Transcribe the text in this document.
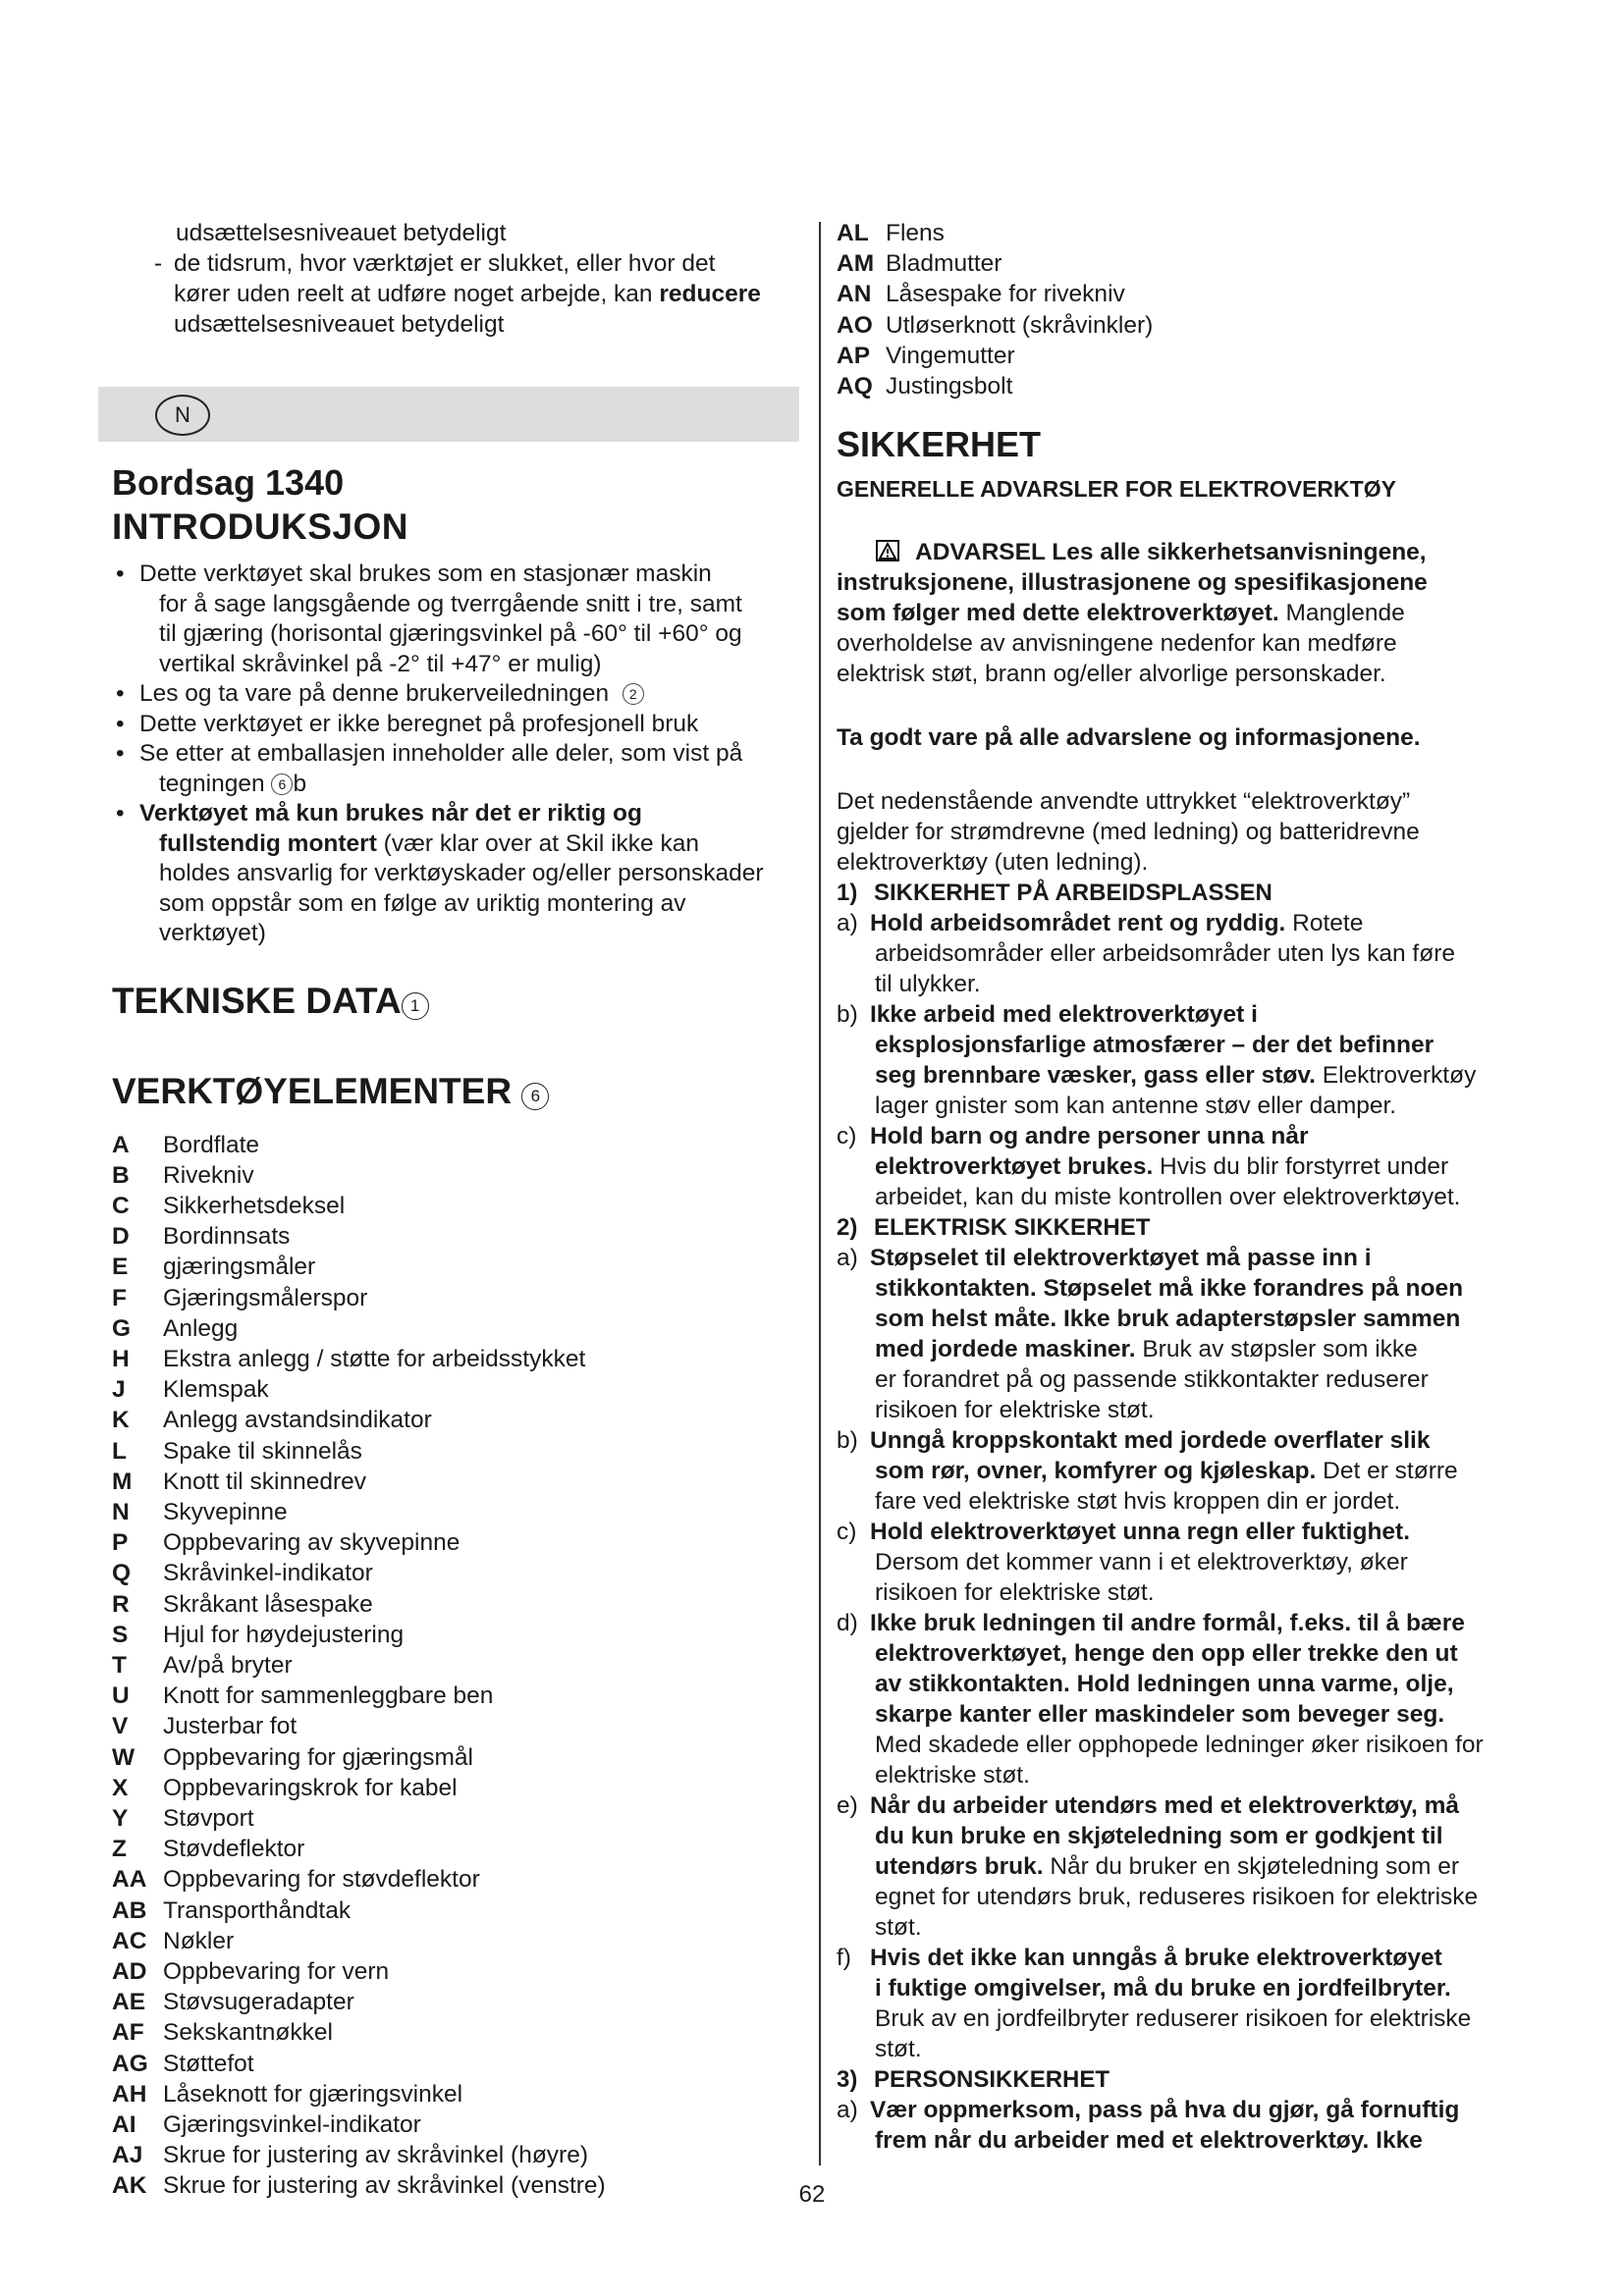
udsættelsesniveauet betydeligt

- de tidsrum, hvor værktøjet er slukket, eller hvor det
kører uden reelt at udføre noget arbejde, kan reducere
udsættelsesniveauet betydeligt
N
Bordsag 1340
INTRODUKSJON
• Dette verktøyet skal brukes som en stasjonær maskin

for å sage langsgående og tverrgående snitt i tre, samt
til gjæring (horisontal gjæringsvinkel på -60° til +60° og
vertikal skråvinkel på -2° til +47° er mulig)
• Les og ta vare på denne brukerveiledningen 2
• Dette verktøyet er ikke beregnet på profesjonell bruk
• Se etter at emballasjen inneholder alle deler, som vist på

tegningen 6 b
• Verktøyet må kun brukes når det er riktig og

fullstendig montert (vær klar over at Skil ikke kan
holdes ansvarlig for verktøyskader og/eller personskader
som oppstår som en følge av uriktig montering av
verktøyet)
TEKNISKE DATA 1
VERKTØYELEMENTER 6
A	Bordflate
B	Rivekniv
C	Sikkerhetsdeksel
D	Bordinnsats
E	gjæringsmåler
F	Gjæringsmålerspor
G	Anlegg
H	Ekstra anlegg / støtte for arbeidsstykket
J	Klemspak
K	Anlegg avstandsindikator
L	Spake til skinnelås
M	Knott til skinnedrev
N	Skyvepinne
P	Oppbevaring av skyvepinne
Q	Skråvinkel-indikator
R	Skråkant låsespake
S	Hjul for høydejustering
T	Av/på bryter
U	Knott for sammenleggbare ben
V	Justerbar fot
W	Oppbevaring for gjæringsmål
X	Oppbevaringskrok for kabel
Y	Støvport
Z	Støvdeflektor
AA Oppbevaring for støvdeflektor
AB Transporthåndtak
AC Nøkler
AD Oppbevaring for vern
AE Støvsugeradapter
AF Sekskantnøkkel
AG Støttefot
AH Låseknott for gjæringsvinkel
AI	Gjæringsvinkel-indikator
AJ Skrue for justering av skråvinkel (høyre)
AK Skrue for justering av skråvinkel (venstre)
AL Flens
AM Bladmutter
AN Låsespake for rivekniv
AO Utløserknott (skråvinkler)
AP Vingemutter
AQ Justingsbolt
SIKKERHET
GENERELLE ADVARSLER FOR ELEKTROVERKTØY
ADVARSEL Les alle sikkerhetsanvisningene,
instruksjonene, illustrasjonene og spesifikasjonene
som følger med dette elektroverktøyet. Manglende
overholdelse av anvisningene nedenfor kan medføre
elektrisk støt, brann og/eller alvorlige personskader.

Ta godt vare på alle advarslene og informasjonene.

Det nedenstående anvendte uttrykket “elektroverktøy”
gjelder for strømdrevne (med ledning) og batteridrevne
elektroverktøy (uten ledning).
1) SIKKERHET PÅ ARBEIDSPLASSEN
a) Hold arbeidsområdet rent og ryddig. Rotete
arbeidsområder eller arbeidsområder uten lys kan føre
til ulykker.
b) Ikke arbeid med elektroverktøyet i
eksplosjonsfarlige atmosfærer – der det befinner
seg brennbare væsker, gass eller støv. Elektroverktøy
lager gnister som kan antenne støv eller damper.
c) Hold barn og andre personer unna når
elektroverktøyet brukes. Hvis du blir forstyrret under
arbeidet, kan du miste kontrollen over elektroverktøyet.
2) ELEKTRISK SIKKERHET
a) Støpselet til elektroverktøyet må passe inn i
stikkontakten. Støpselet må ikke forandres på noen
som helst måte. Ikke bruk adapterstøpsler sammen
med jordede maskiner. Bruk av støpsler som ikke
er forandret på og passende stikkontakter reduserer
risikoen for elektriske støt.
b) Unngå kroppskontakt med jordede overflater slik
som rør, ovner, komfyrer og kjøleskap. Det er større
fare ved elektriske støt hvis kroppen din er jordet.
c) Hold elektroverktøyet unna regn eller fuktighet.
Dersom det kommer vann i et elektroverktøy, øker
risikoen for elektriske støt.
d) Ikke bruk ledningen til andre formål, f.eks. til å bære
elektroverktøyet, henge den opp eller trekke den ut
av stikkontakten. Hold ledningen unna varme, olje,
skarpe kanter eller maskindeler som beveger seg.
Med skadede eller opphopede ledninger øker risikoen for
elektriske støt.
e) Når du arbeider utendørs med et elektroverktøy, må
du kun bruke en skjøteledning som er godkjent til
utendørs bruk. Når du bruker en skjøteledning som er
egnet for utendørs bruk, reduseres risikoen for elektriske
støt.
f) Hvis det ikke kan unngås å bruke elektroverktøyet
i fuktige omgivelser, må du bruke en jordfeilbryter.
Bruk av en jordfeilbryter reduserer risikoen for elektriske
støt.
3) PERSONSIKKERHET
a) Vær oppmerksom, pass på hva du gjør, gå fornuftig
frem når du arbeider med et elektroverktøy. Ikke
62
